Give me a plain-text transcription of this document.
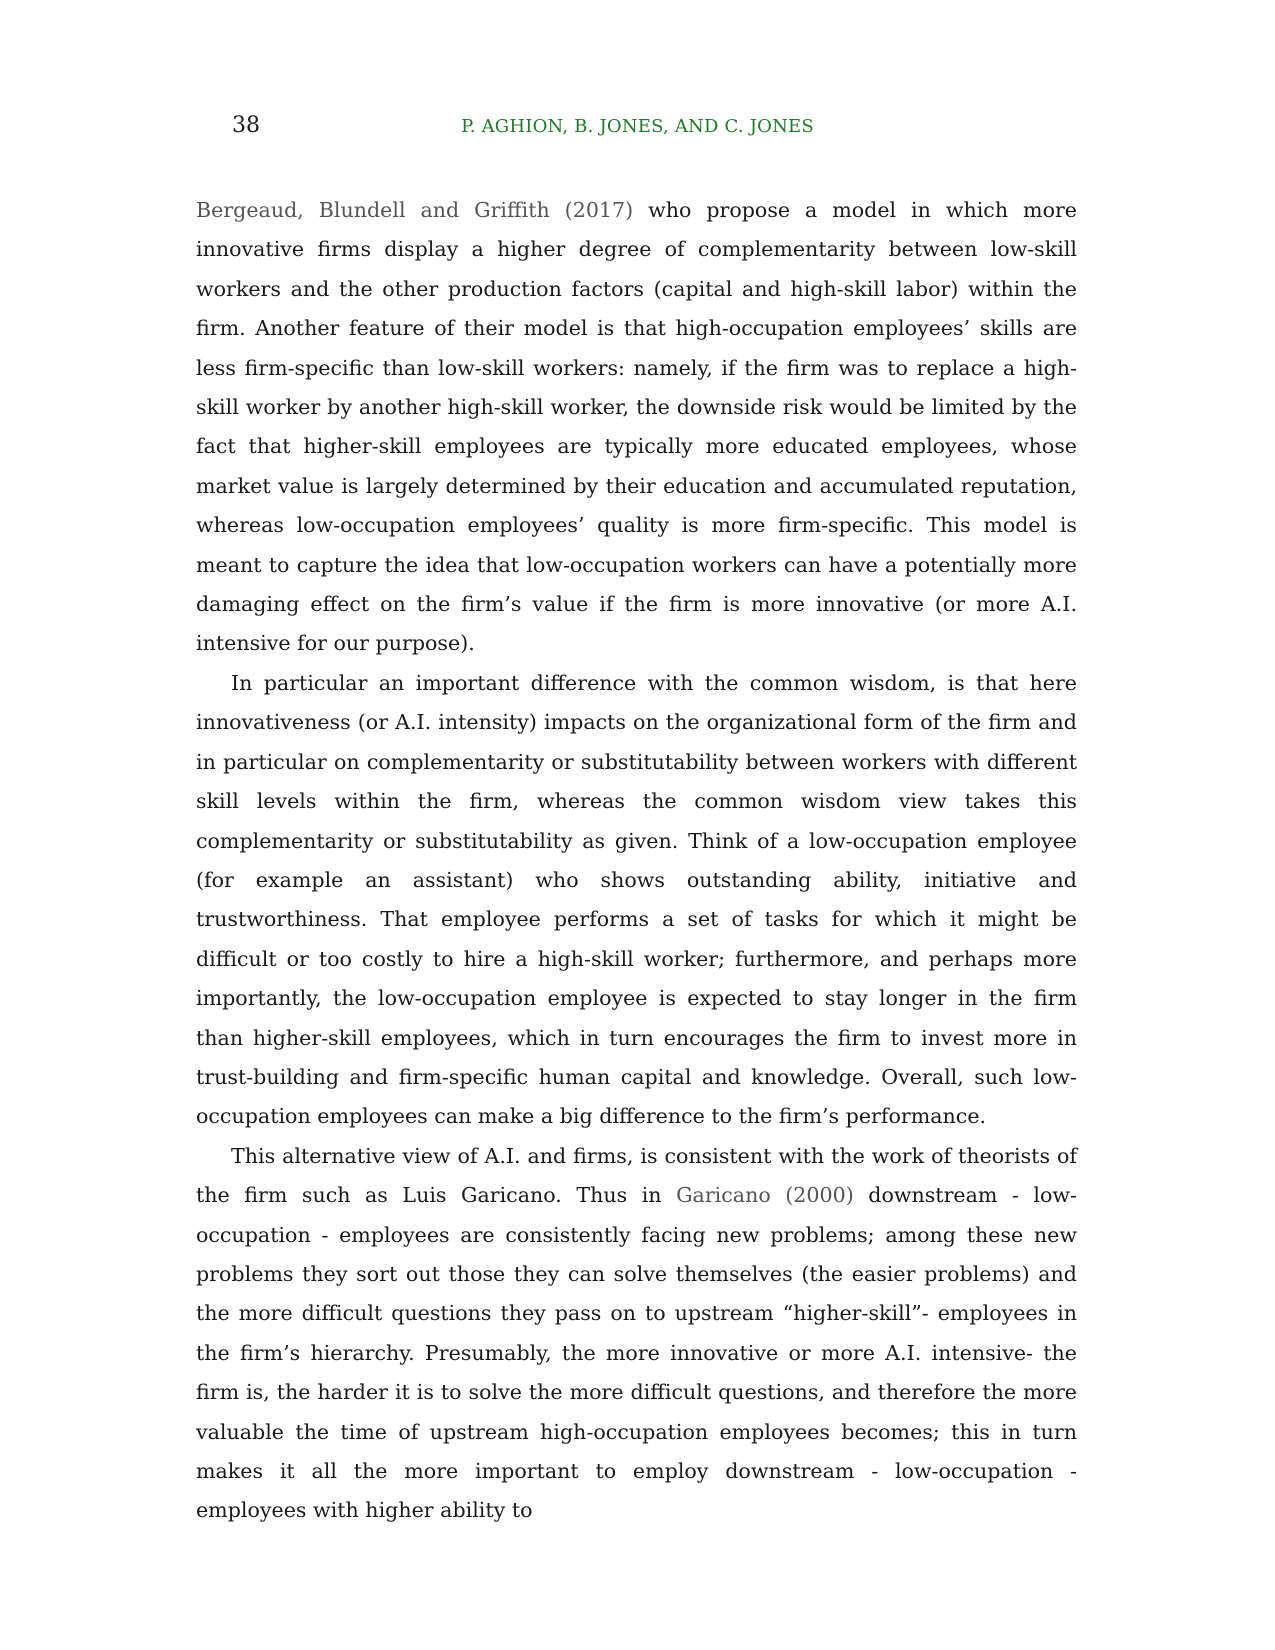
38	P. AGHION, B. JONES, AND C. JONES

Bergeaud, Blundell and Griffith (2017) who propose a model in which more innovative firms display a higher degree of complementarity between low-skill workers and the other production factors (capital and high-skill labor) within the firm. Another feature of their model is that high-occupation employees’ skills are less firm-specific than low-skill workers: namely, if the firm was to replace a high-skill worker by another high-skill worker, the downside risk would be limited by the fact that higher-skill employees are typically more educated employees, whose market value is largely determined by their education and accumulated reputation, whereas low-occupation employees’ quality is more firm-specific. This model is meant to capture the idea that low-occupation workers can have a potentially more damaging effect on the firm’s value if the firm is more innovative (or more A.I. intensive for our purpose).

In particular an important difference with the common wisdom, is that here innovativeness (or A.I. intensity) impacts on the organizational form of the firm and in particular on complementarity or substitutability between workers with different skill levels within the firm, whereas the common wisdom view takes this complementarity or substitutability as given. Think of a low-occupation employee (for example an assistant) who shows outstanding ability, initiative and trustworthiness. That employee performs a set of tasks for which it might be difficult or too costly to hire a high-skill worker; furthermore, and perhaps more importantly, the low-occupation employee is expected to stay longer in the firm than higher-skill employees, which in turn encourages the firm to invest more in trust-building and firm-specific human capital and knowledge. Overall, such low-occupation employees can make a big difference to the firm’s performance.

This alternative view of A.I. and firms, is consistent with the work of theorists of the firm such as Luis Garicano. Thus in Garicano (2000) downstream - low-occupation - employees are consistently facing new problems; among these new problems they sort out those they can solve themselves (the easier problems) and the more difficult questions they pass on to upstream “higher-skill”- employees in the firm’s hierarchy. Presumably, the more innovative or more A.I. intensive- the firm is, the harder it is to solve the more difficult questions, and therefore the more valuable the time of upstream high-occupation employees becomes; this in turn makes it all the more important to employ downstream - low-occupation - employees with higher ability to
